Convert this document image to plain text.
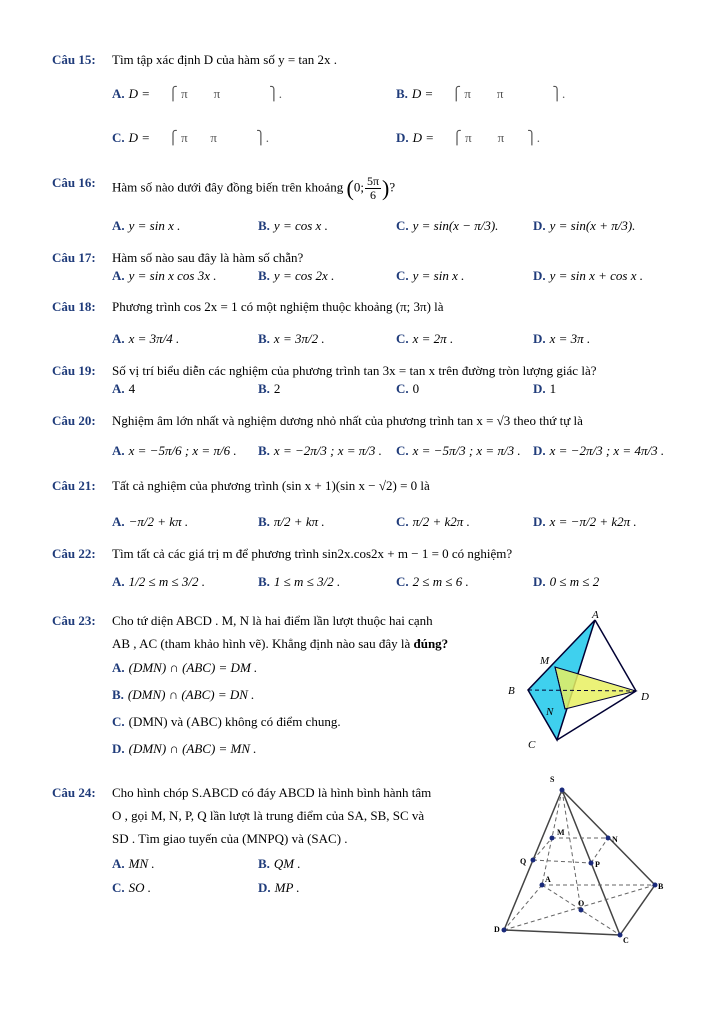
Câu 15: Tìm tập xác định D của hàm số y = tan 2x .
A. D = ⎧ π        π               ⎫.	B. D = ⎧ π        π               ⎫.
C. D = ⎧ π       π            ⎫.	D. D = ⎧ π        π       ⎫.
Câu 16: Hàm số nào dưới đây đồng biến trên khoảng (0; $\frac{5\pi}{6}$ )?
A. y = sin x .	B. y = cos x .	C. y = sin(x − π/3).	D. y = sin(x + π/3).
Câu 17: Hàm số nào sau đây là hàm số chẵn?
A. y = sin x cos 3x .	B. y = cos 2x .	C. y = sin x .	D. y = sin x + cos x .
Câu 18: Phương trình cos 2x = 1 có một nghiệm thuộc khoảng (π; 3π) là
A. x = 3π/4 .	B. x = 3π/2 .	C. x = 2π .	D. x = 3π .
Câu 19: Số vị trí biểu diễn các nghiệm của phương trình tan 3x = tan x trên đường tròn lượng giác là?
A. 4	B. 2	C. 0	D. 1
Câu 20: Nghiệm âm lớn nhất và nghiệm dương nhỏ nhất của phương trình tan x = √3 theo thứ tự là
A. x = −5π/6 ; x = π/6 . B. x = −2π/3 ; x = π/3 . C. x = −5π/3 ; x = π/3 . D. x = −2π/3 ; x = 4π/3 .
Câu 21: Tất cả nghiệm của phương trình (sin x + 1)(sin x − √2) = 0 là
A. −π/2 + kπ .	B. π/2 + kπ .	C. π/2 + k2π .	D. x = −π/2 + k2π .
Câu 22: Tìm tất cả các giá trị m để phương trình sin2x.cos2x + m − 1 = 0 có nghiệm?
A. 1/2 ≤ m ≤ 3/2 .	B. 1 ≤ m ≤ 3/2 .	C. 2 ≤ m ≤ 6 .	D. 0 ≤ m ≤ 2
Câu 23: Cho tứ diện ABCD . M, N là hai điểm lần lượt thuộc hai cạnh
AB , AC (tham khảo hình vẽ). Khẳng định nào sau đây là đúng?
A. (DMN) ∩ (ABC) = DM .
B. (DMN) ∩ (ABC) = DN .
C. (DMN) và (ABC) không có điểm chung.
D. (DMN) ∩ (ABC) = MN .
A
M
B	D
N
C
Câu 24: Cho hình chóp S.ABCD có đáy ABCD là hình bình hành tâm
O , gọi M, N, P, Q lần lượt là trung điểm của SA, SB, SC và
SD . Tìm giao tuyến của (MNPQ) và (SAC) .
A. MN .	B. QM .
C. SO .	D. MP .
S
M
N
Q	P
A
B
O
D
C
